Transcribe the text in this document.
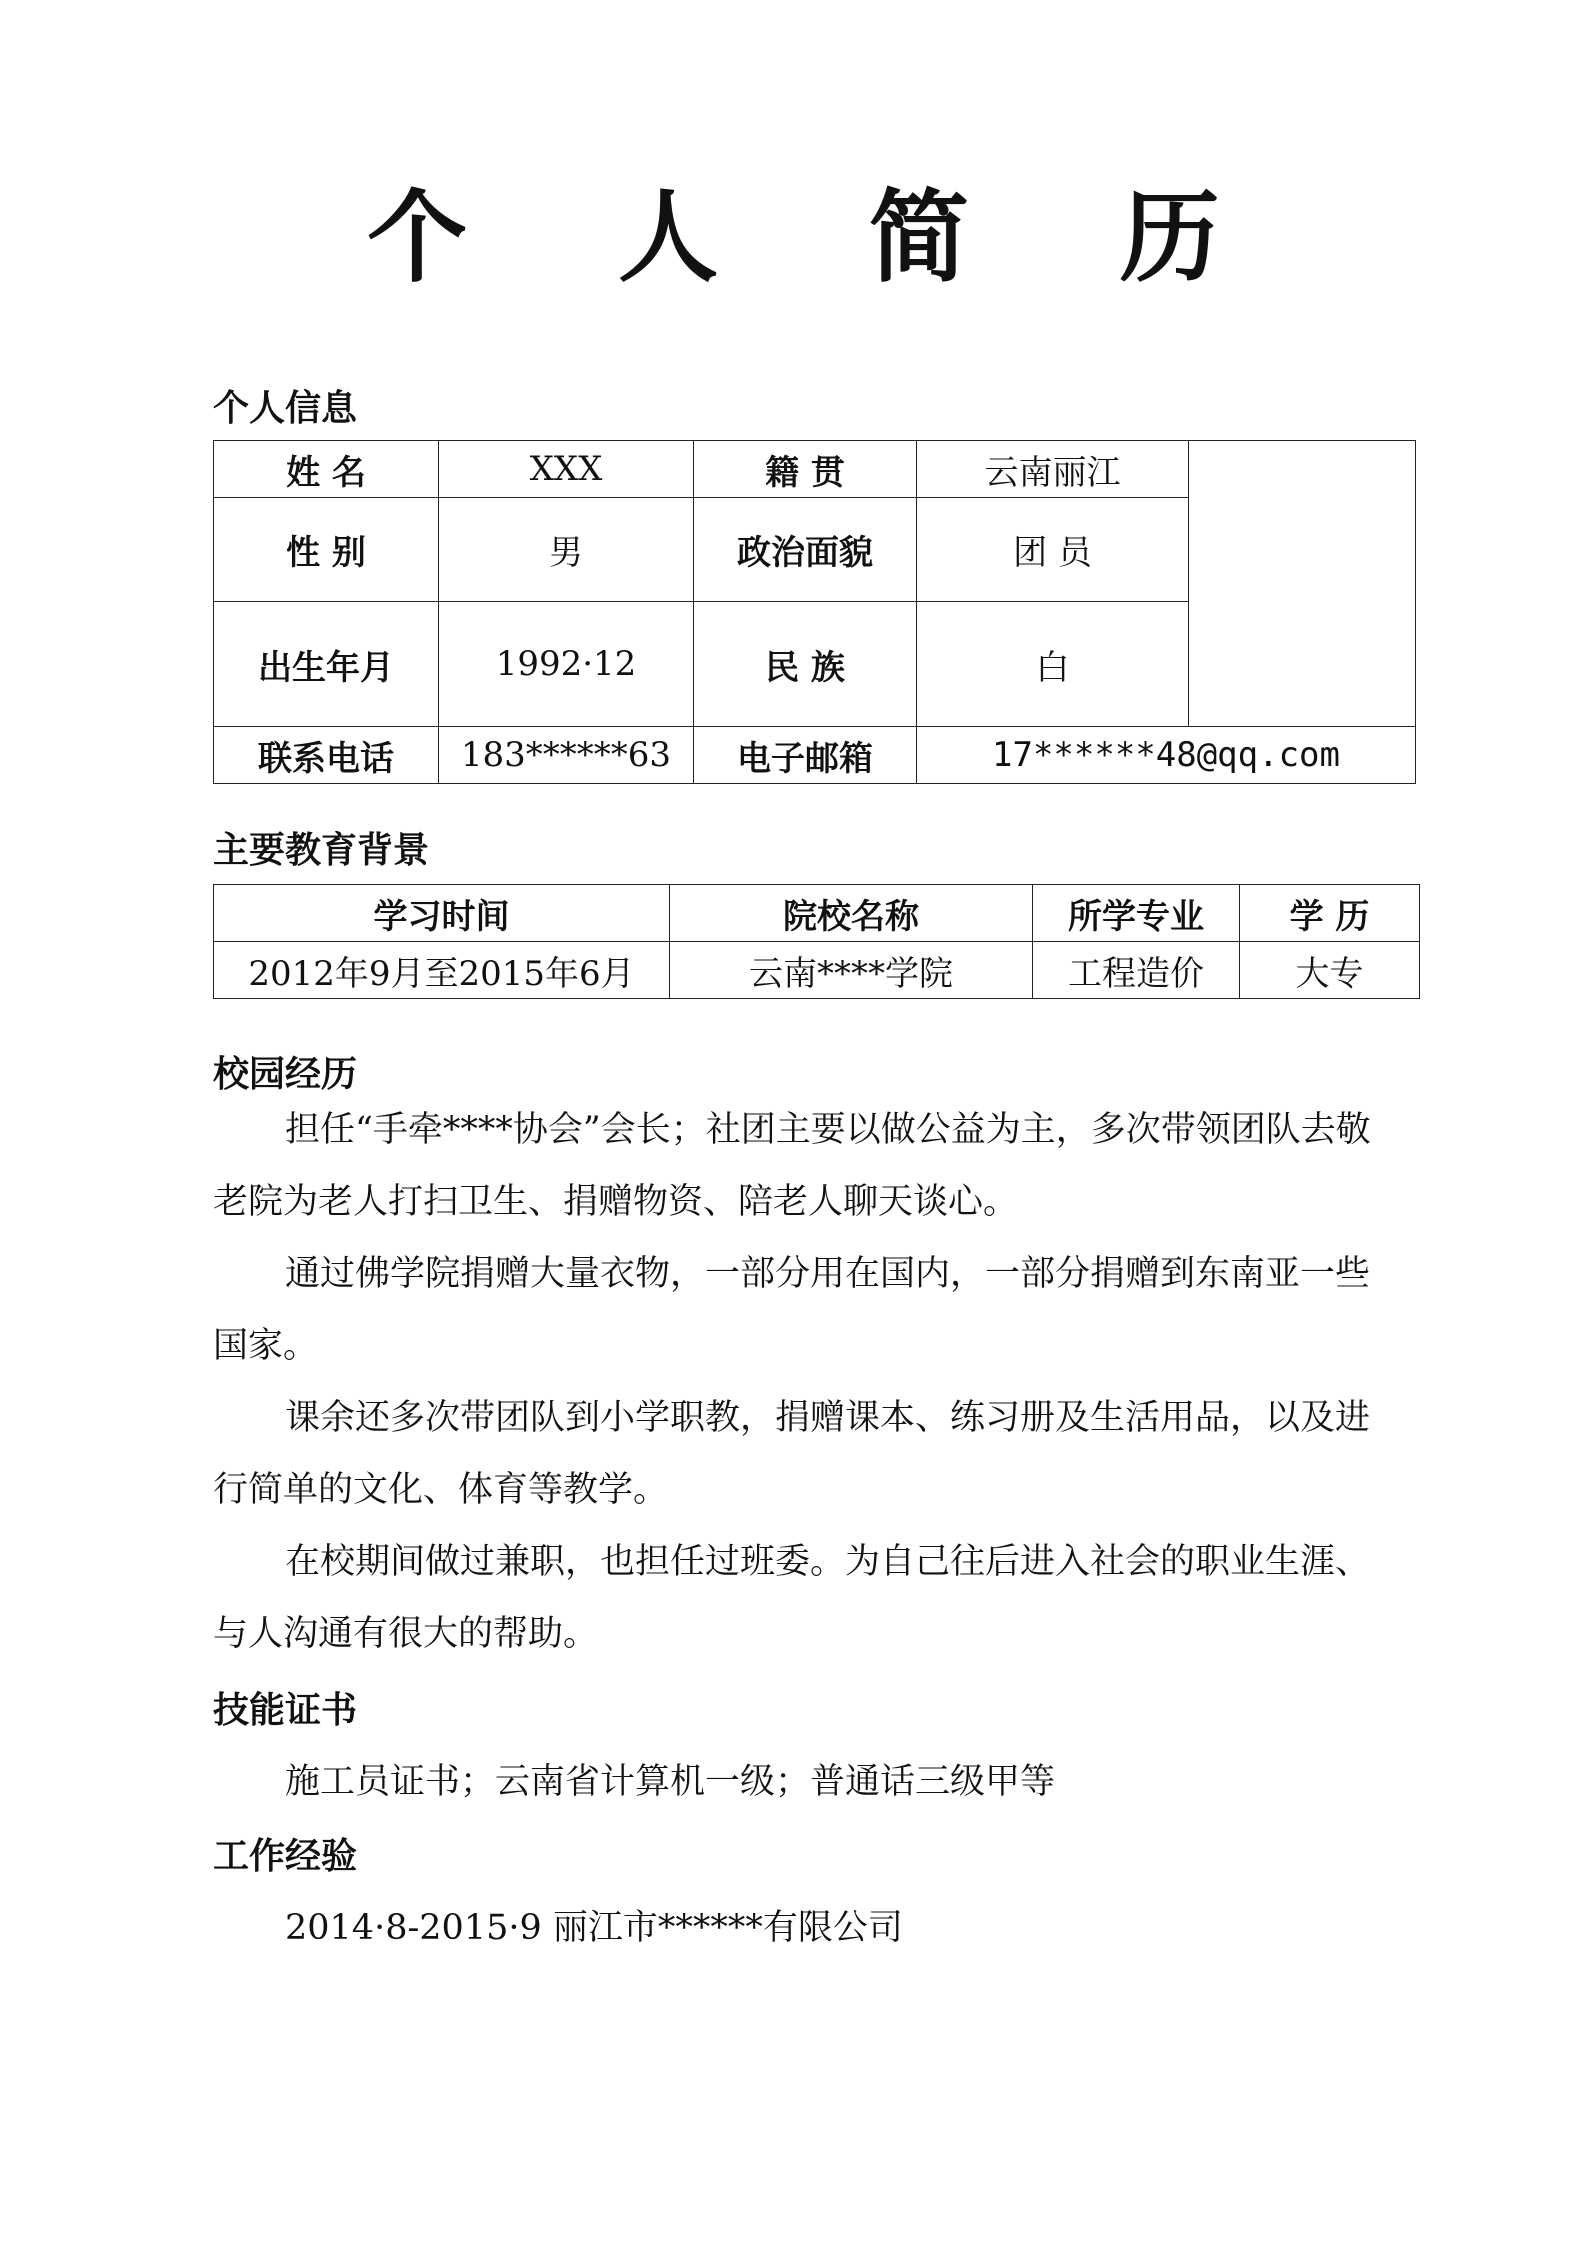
个 人 简 历
个人信息
姓 名	XXX	籍 贯	云南丽江	
性 别	男	政治面貌	团 员	
出生年月	1992·12	民 族	白	
联系电话	183******63	电子邮箱	17******48@qq.com	
主要教育背景
学习时间	院校名称	所学专业	学 历
2012年9月至2015年6月	云南****学院	工程造价	大专
校园经历

担任“手牵****协会”会长；社团主要以做公益为主，多次带领团队去敬老院为老人打扫卫生、捐赠物资、陪老人聊天谈心。

通过佛学院捐赠大量衣物，一部分用在国内，一部分捐赠到东南亚一些国家。

课余还多次带团队到小学职教，捐赠课本、练习册及生活用品，以及进行简单的文化、体育等教学。

在校期间做过兼职，也担任过班委。为自己往后进入社会的职业生涯、与人沟通有很大的帮助。

技能证书

施工员证书；云南省计算机一级；普通话三级甲等

工作经验

2014·8-2015·9 丽江市******有限公司
